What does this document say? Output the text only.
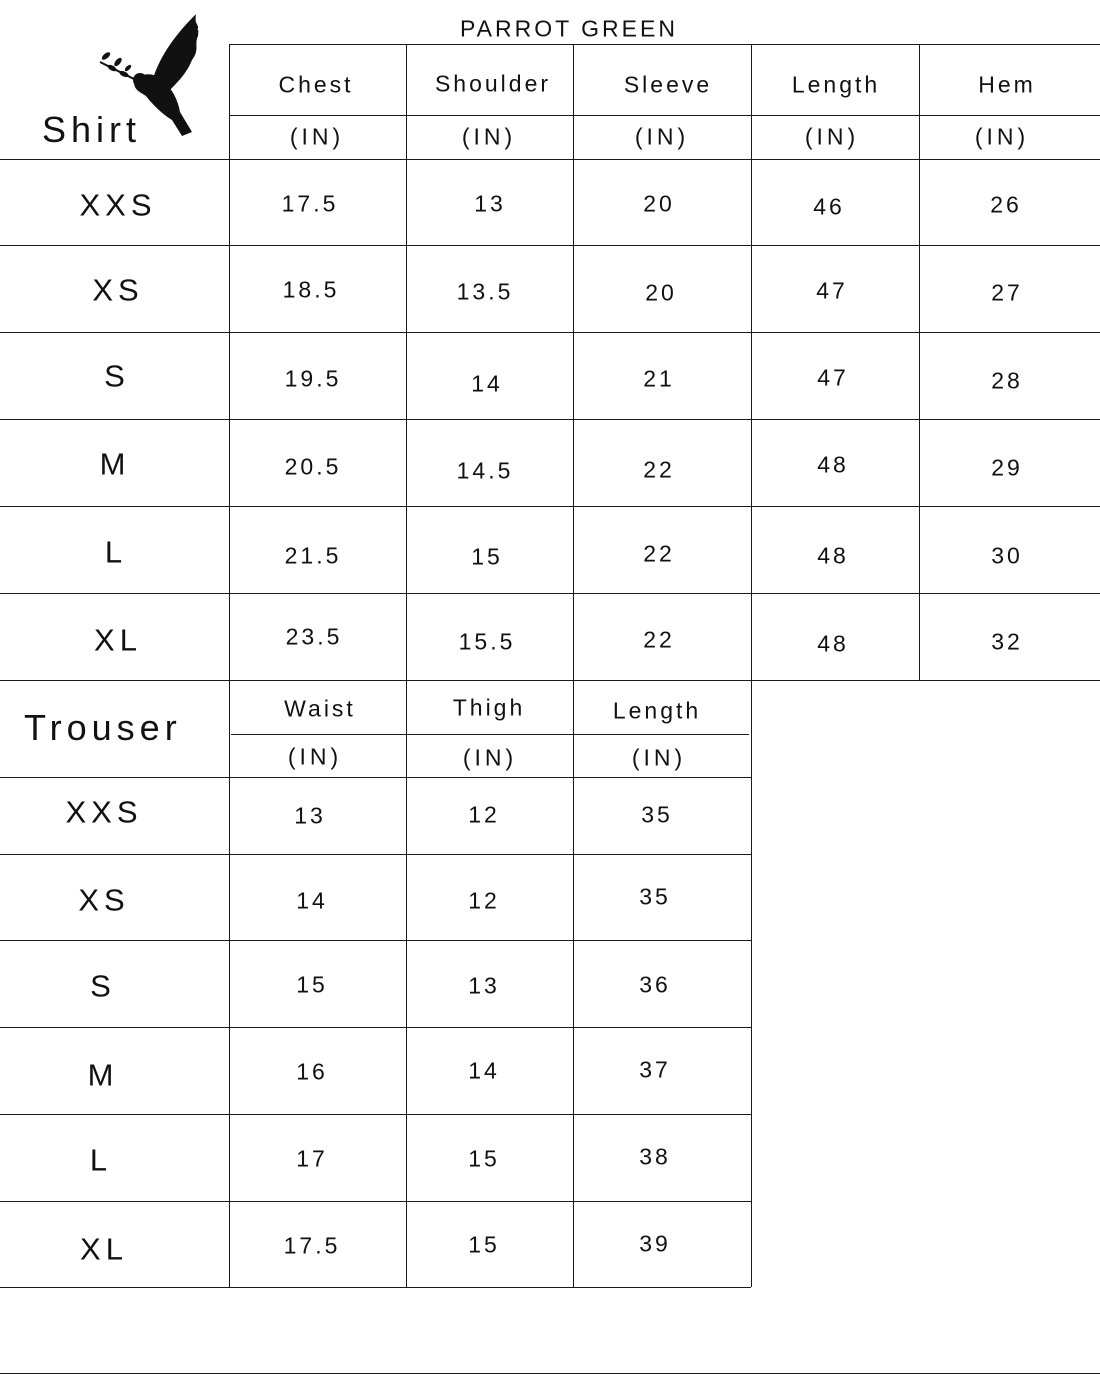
PARROT GREEN
Shirt
Trouser
Chest	Shoulder	Sleeve	Length	Hem
(IN)	(IN)	(IN)	(IN)	(IN)
XXS	17.5	13	20	46	26
XS	18.5	13.5	20	47	27
S	19.5	14	21	47	28
M	20.5	14.5	22	48	29
L	21.5	15	22	48	30
XL	23.5	15.5	22	48	32
Waist	Thigh	Length
(IN)	(IN)	(IN)
XXS	13	12	35
XS	14	12	35
S	15	13	36
M	16	14	37
L	17	15	38
XL	17.5	15	39
